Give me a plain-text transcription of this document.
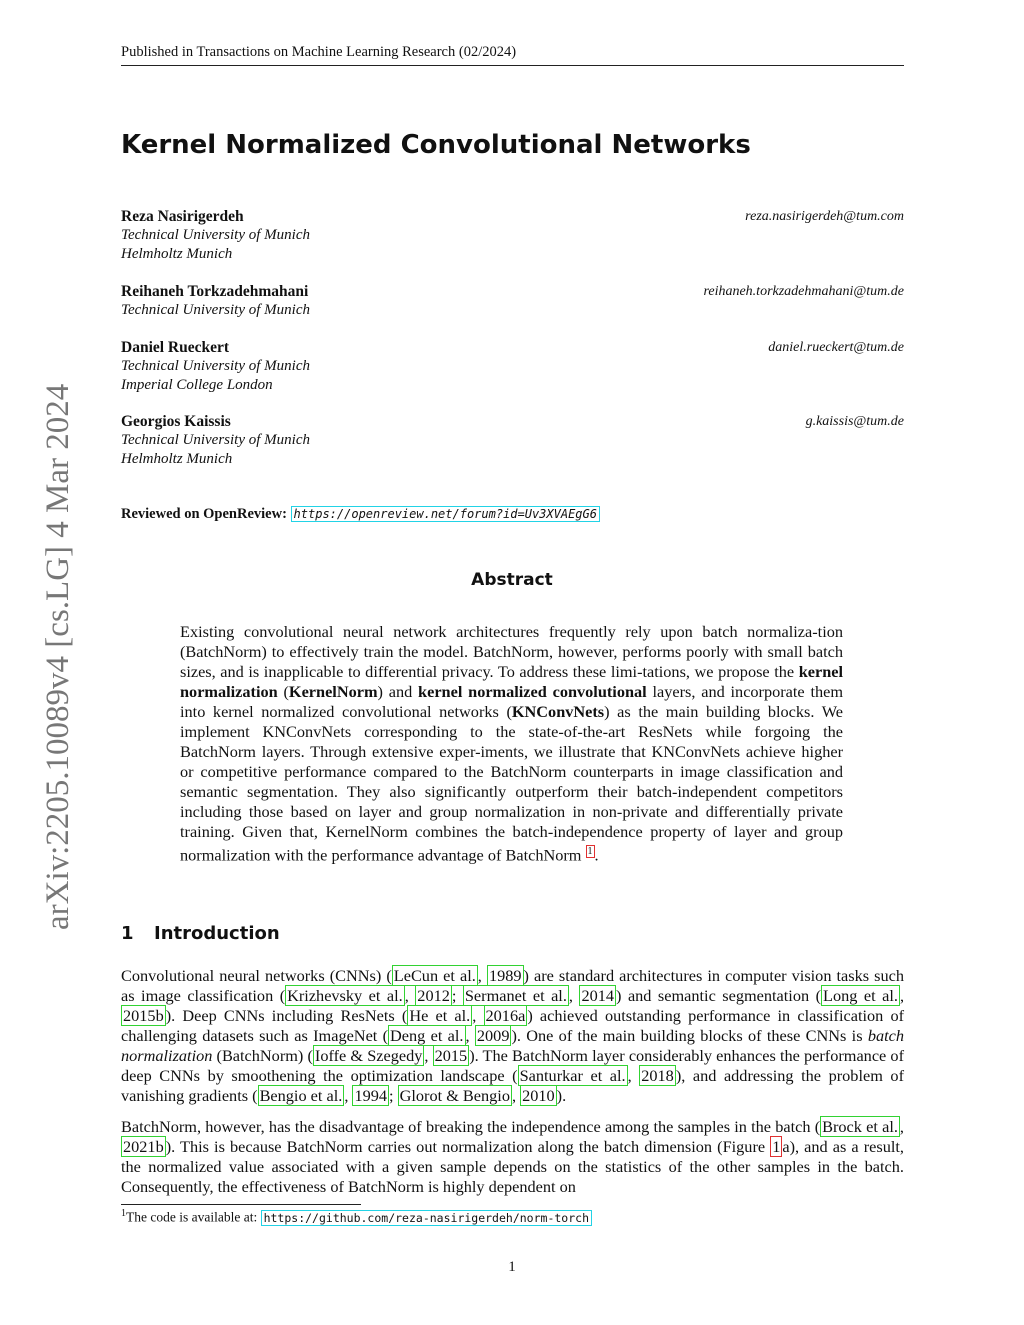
Published in Transactions on Machine Learning Research (02/2024)
arXiv:2205.10089v4 [cs.LG] 4 Mar 2024
Kernel Normalized Convolutional Networks
Reza Nasirigerdeh
Technical University of Munich
Helmholtz Munich
reza.nasirigerdeh@tum.com
Reihaneh Torkzadehmahani
Technical University of Munich
reihaneh.torkzadehmahani@tum.de
Daniel Rueckert
Technical University of Munich
Imperial College London
daniel.rueckert@tum.de
Georgios Kaissis
Technical University of Munich
Helmholtz Munich
g.kaissis@tum.de
Reviewed on OpenReview: https://openreview.net/forum?id=Uv3XVAEgG6
Abstract
Existing convolutional neural network architectures frequently rely upon batch normaliza-tion (BatchNorm) to effectively train the model. BatchNorm, however, performs poorly with small batch sizes, and is inapplicable to differential privacy. To address these limi-tations, we propose the kernel normalization (KernelNorm) and kernel normalized convolutional layers, and incorporate them into kernel normalized convolutional networks (KNConvNets) as the main building blocks. We implement KNConvNets corresponding to the state-of-the-art ResNets while forgoing the BatchNorm layers. Through extensive exper-iments, we illustrate that KNConvNets achieve higher or competitive performance compared to the BatchNorm counterparts in image classification and semantic segmentation. They also significantly outperform their batch-independent competitors including those based on layer and group normalization in non-private and differentially private training. Given that, KernelNorm combines the batch-independence property of layer and group normalization with the performance advantage of BatchNorm $^1$ .
1 Introduction
Convolutional neural networks (CNNs) ( LeCun et al. , 1989 ) are standard architectures in computer vision tasks such as image classification ( Krizhevsky et al. , 2012 ; Sermanet et al. , 2014 ) and semantic segmentation ( Long et al. , 2015b ). Deep CNNs including ResNets ( He et al. , 2016a ) achieved outstanding performance in classification of challenging datasets such as ImageNet ( Deng et al. , 2009 ). One of the main building blocks of these CNNs is batch normalization (BatchNorm) ( Ioffe & Szegedy , 2015 ). The BatchNorm layer considerably enhances the performance of deep CNNs by smoothening the optimization landscape ( Santurkar et al. , 2018 ), and addressing the problem of vanishing gradients ( Bengio et al. , 1994 ; Glorot & Bengio , 2010 ).
BatchNorm, however, has the disadvantage of breaking the independence among the samples in the batch ( Brock et al. , 2021b ). This is because BatchNorm carries out normalization along the batch dimension (Figure 1 a), and as a result, the normalized value associated with a given sample depends on the statistics of the other samples in the batch. Consequently, the effectiveness of BatchNorm is highly dependent on
$^1$The code is available at: https://github.com/reza-nasirigerdeh/norm-torch
1
